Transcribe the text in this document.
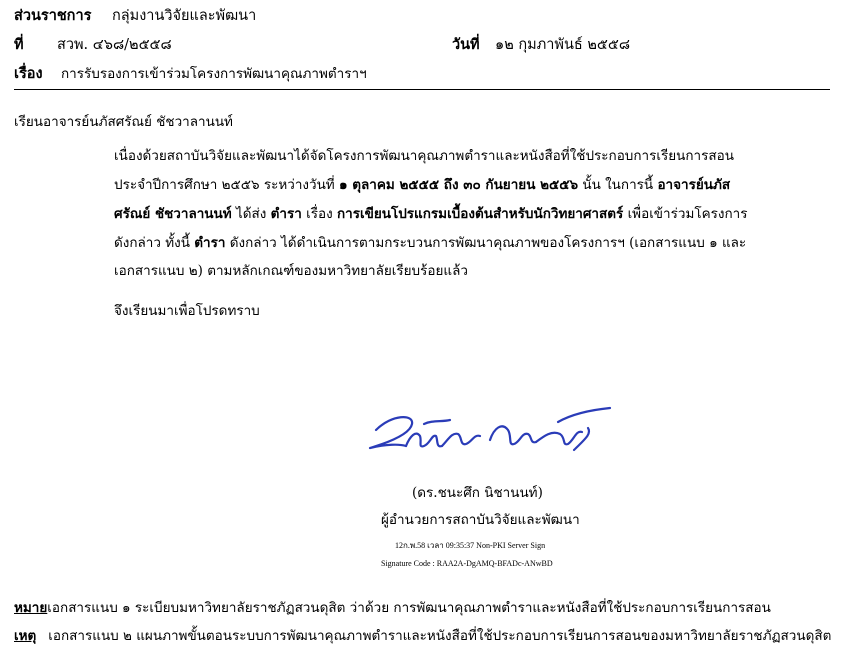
ส่วนราชการ กลุ่มงานวิจัยและพัฒนา
ที่ สวพ. ๔๖๘/๒๕๕๘	วันที่ ๑๒ กุมภาพันธ์ ๒๕๕๘
เรื่อง การรับรองการเข้าร่วมโครงการพัฒนาคุณภาพตำราฯ
เรียนอาจารย์นภัสศรัณย์ ชัชวาลานนท์
เนื่องด้วยสถาบันวิจัยและพัฒนาได้จัดโครงการพัฒนาคุณภาพตำราและหนังสือที่ใช้ประกอบการเรียนการสอน
ประจำปีการศึกษา ๒๕๕๖ ระหว่างวันที่ ๑ ตุลาคม ๒๕๕๕ ถึง ๓๐ กันยายน ๒๕๕๖ นั้น ในการนี้ อาจารย์นภัส
ศรัณย์ ชัชวาลานนท์ ได้ส่ง ตำรา เรื่อง การเขียนโปรแกรมเบื้องต้นสำหรับนักวิทยาศาสตร์ เพื่อเข้าร่วมโครงการ
ดังกล่าว ทั้งนี้ ตำรา ดังกล่าว ได้ดำเนินการตามกระบวนการพัฒนาคุณภาพของโครงการฯ (เอกสารแนบ ๑ และ
เอกสารแนบ ๒) ตามหลักเกณฑ์ของมหาวิทยาลัยเรียบร้อยแล้ว
จึงเรียนมาเพื่อโปรดทราบ
(ดร.ชนะศึก นิชานนท์)
ผู้อำนวยการสถาบันวิจัยและพัฒนา
12ก.พ.58 เวลา 09:35:37 Non-PKI Server Sign
Signature Code : RAA2A-DgAMQ-BFADc-ANwBD
หมายเอกสารแนบ ๑ ระเบียบมหาวิทยาลัยราชภัฏสวนดุสิต ว่าด้วย การพัฒนาคุณภาพตำราและหนังสือที่ใช้ประกอบการเรียนการสอน
เหตุ เอกสารแนบ ๒ แผนภาพขั้นตอนระบบการพัฒนาคุณภาพตำราและหนังสือที่ใช้ประกอบการเรียนการสอนของมหาวิทยาลัยราชภัฏสวนดุสิต
